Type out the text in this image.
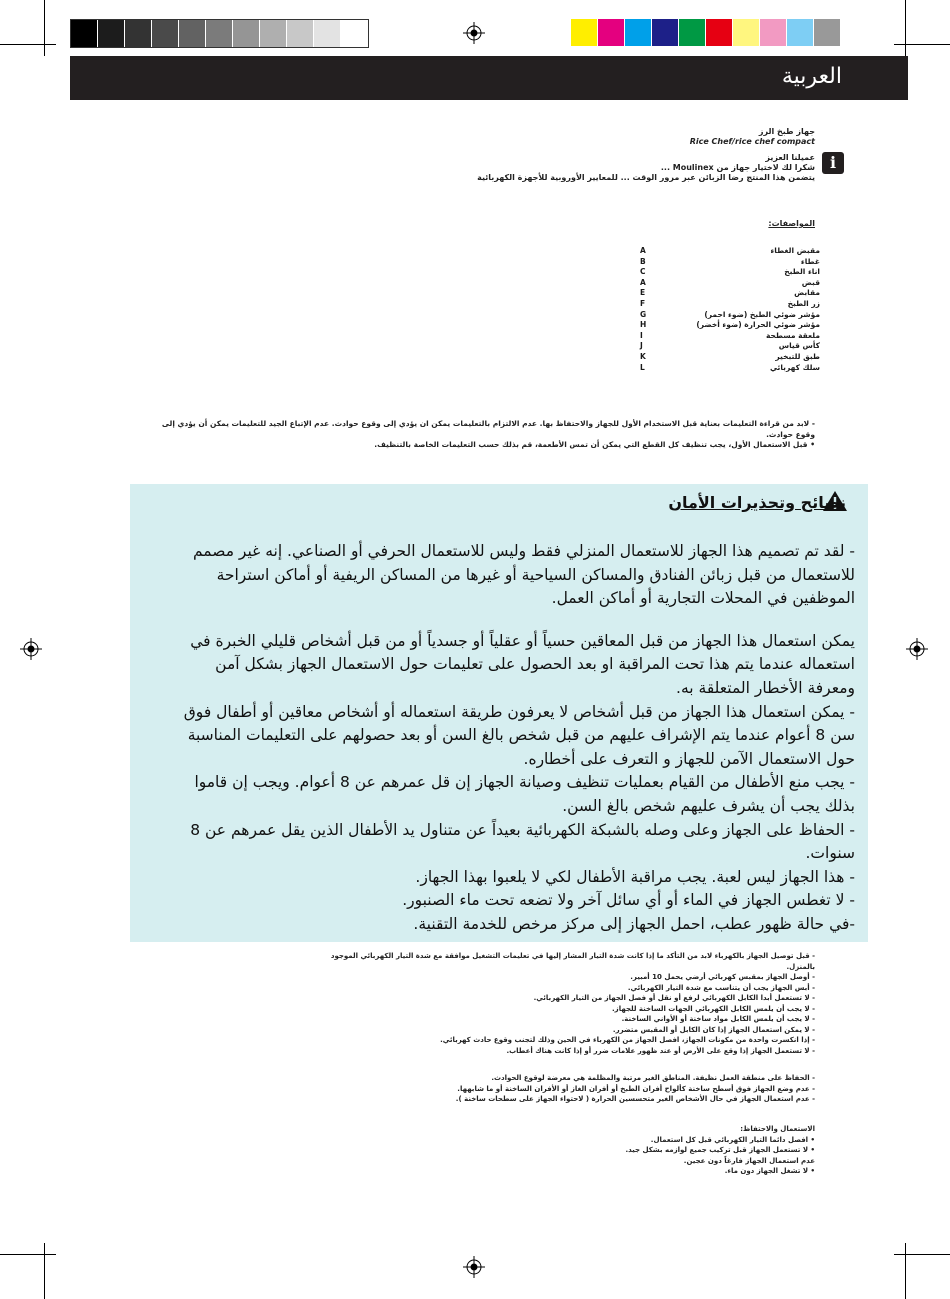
العربية
جهاز طبخ الرز
Rice Chef/rice chef compact
عميلنا العزيز
شكرا لك لاختيار جهاز من Moulinex ...
يتضمن هذا المنتج رضا الزبائن عبر مرور الوقت ... للمعايير الأوروبية للأجهزة الكهربائية
i
المواصفات:
مقبض الغطاء
A
غطاء
B
اناء الطبخ
C
قبض
A
مقابض
E
زر الطبخ
F
مؤشر ضوئي الطبخ (ضوء احمر)
G
مؤشر ضوئي الحرارة (ضوء أخضر)
H
ملعقة مسطحة
I
كأس قياس
J
طبق للتبخير
K
سلك كهربائي
L
- لابد من قراءة التعليمات بعناية قبل الاستخدام الأول للجهاز والاحتفاظ بها. عدم الالتزام بالتعليمات يمكن ان يؤدي إلى وقوع حوادث. عدم الإتباع الجيد للتعليمات يمكن أن يؤدي إلى
وقوع حوادث.
• قبل الاستعمال الأول، يجب تنظيف كل القطع التي يمكن أن تمس الأطعمة، قم بذلك حسب التعليمات الخاصة بالتنظيف.
نصائح وتحذيرات الأمان
- لقد تم تصميم هذا الجهاز للاستعمال المنزلي فقط وليس للاستعمال الحرفي أو الصناعي. إنه غير مصمم
للاستعمال من قبل زبائن الفنادق والمساكن السياحية أو غيرها من المساكن الريفية أو أماكن استراحة
الموظفين في المحلات التجارية أو أماكن العمل.
يمكن استعمال هذا الجهاز من قبل المعاقين حسياً أو عقلياً أو جسدياً أو من قبل أشخاص قليلي الخبرة في
استعماله عندما يتم هذا تحت المراقبة او بعد الحصول على تعليمات حول الاستعمال الجهاز بشكل آمن
ومعرفة الأخطار المتعلقة به.
- يمكن استعمال هذا الجهاز من قبل أشخاص لا يعرفون طريقة استعماله أو أشخاص معاقين أو أطفال فوق
سن 8 أعوام عندما يتم الإشراف عليهم من قبل شخص بالغ السن أو بعد حصولهم على التعليمات المناسبة
حول الاستعمال الآمن للجهاز و التعرف على أخطاره.
- يجب منع الأطفال من القيام بعمليات تنظيف وصيانة الجهاز إن قل عمرهم عن 8 أعوام. ويجب إن قاموا
بذلك يجب أن يشرف عليهم شخص بالغ السن.
- الحفاظ على الجهاز وعلى وصله بالشبكة الكهربائية بعيداً عن متناول يد الأطفال الذين يقل عمرهم عن 8
سنوات.
- هذا الجهاز ليس لعبة. يجب مراقبة الأطفال لكي لا يلعبوا بهذا الجهاز.
- لا تغطس الجهاز في الماء أو أي سائل آخر ولا تضعه تحت ماء الصنبور.
-في حالة ظهور عطب، احمل الجهاز إلى مركز مرخص للخدمة التقنية.
- قبل توصيل الجهاز بالكهرباء لابد من التأكد ما إذا كانت شدة التيار المشار إليها في تعليمات التشغيل موافقة مع شدة التيار الكهربائي الموجود بالمنزل.
- أوصل الجهاز بمقبس كهربائي أرضي يحمل 10 أمبير.
- أبس الجهاز يجب أن يتناسب مع شدة التيار الكهربائي.
- لا تستعمل أبدا الكابل الكهربائي لرفع أو نقل أو فصل الجهاز من التيار الكهربائي.
- لا يجب أن يلمس الكابل الكهربائي الجهات الساخنة للجهاز.
- لا يجب أن يلمس الكابل مواد ساخنة أو الأواني الساخنة.
- لا يمكن استعمال الجهاز إذا كان الكابل أو المقبس متضرر.
- إذا انكسرت واحدة من مكونات الجهاز، افصل الجهاز من الكهرباء في الحين وذلك لتجنب وقوع حادث كهربائي.
- لا تستعمل الجهاز إذا وقع على الأرض أو عند ظهور علامات ضرر أو إذا كانت هناك أعطاب.
- الحفاظ على منطقة العمل نظيفة. المناطق الغير مرتبة والمظلمة هي معرضة لوقوع الحوادث.
- عدم وضع الجهاز فوق أسطح ساخنة كألواح أفران الطبخ أو أفران الغاز أو الأفران الساخنة أو ما شابهها.
- عدم استعمال الجهاز في حال الأشخاص الغير متحسسين الحرارة ( لاحتواء الجهاز على سطحات ساخنة ).
الاستعمال والاحتفاظ:
• افصل دائما التيار الكهربائي قبل كل استعمال.
• لا تستعمل الجهاز قبل تركيب جميع لوازمه بشكل جيد.
عدم استعمال الجهاز فارغاً دون عجين.
• لا تشغل الجهاز دون ماء.
